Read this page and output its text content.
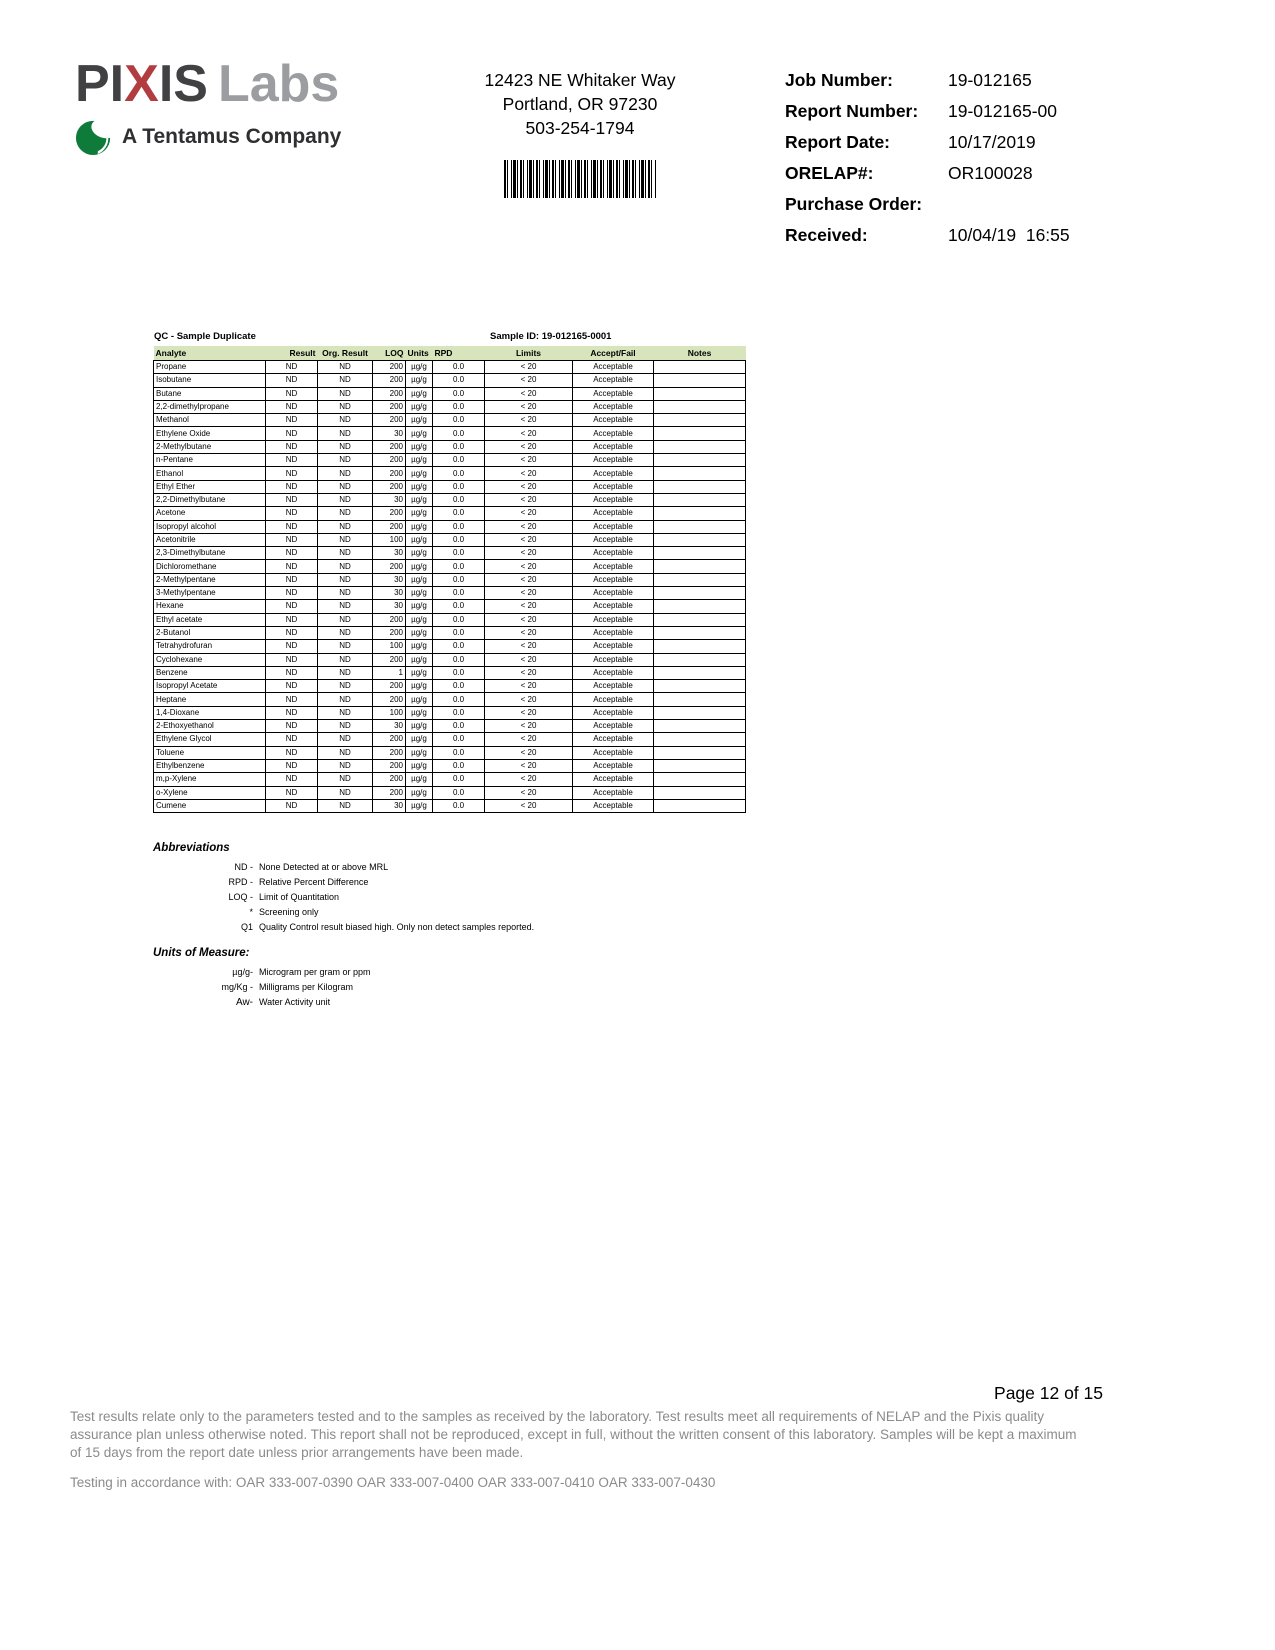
PIXIS Labs
A Tentamus Company
12423 NE Whitaker Way
Portland, OR 97230
503-254-1794
Job Number:	19-012165
Report Number:	19-012165-00
Report Date:	10/17/2019
ORELAP#:	OR100028
Purchase Order:
Received:	10/04/19  16:55
QC - Sample Duplicate	Sample ID: 19-012165-0001
Analyte	Result	Org. Result	LOQ	Units	RPD	Limits	Accept/Fail	Notes
Propane	ND	ND	200	µg/g	0.0	< 20	Acceptable	
Isobutane	ND	ND	200	µg/g	0.0	< 20	Acceptable	
Butane	ND	ND	200	µg/g	0.0	< 20	Acceptable	
2,2-dimethylpropane	ND	ND	200	µg/g	0.0	< 20	Acceptable	
Methanol	ND	ND	200	µg/g	0.0	< 20	Acceptable	
Ethylene Oxide	ND	ND	30	µg/g	0.0	< 20	Acceptable	
2-Methylbutane	ND	ND	200	µg/g	0.0	< 20	Acceptable	
n-Pentane	ND	ND	200	µg/g	0.0	< 20	Acceptable	
Ethanol	ND	ND	200	µg/g	0.0	< 20	Acceptable	
Ethyl Ether	ND	ND	200	µg/g	0.0	< 20	Acceptable	
2,2-Dimethylbutane	ND	ND	30	µg/g	0.0	< 20	Acceptable	
Acetone	ND	ND	200	µg/g	0.0	< 20	Acceptable	
Isopropyl alcohol	ND	ND	200	µg/g	0.0	< 20	Acceptable	
Acetonitrile	ND	ND	100	µg/g	0.0	< 20	Acceptable	
2,3-Dimethylbutane	ND	ND	30	µg/g	0.0	< 20	Acceptable	
Dichloromethane	ND	ND	200	µg/g	0.0	< 20	Acceptable	
2-Methylpentane	ND	ND	30	µg/g	0.0	< 20	Acceptable	
3-Methylpentane	ND	ND	30	µg/g	0.0	< 20	Acceptable	
Hexane	ND	ND	30	µg/g	0.0	< 20	Acceptable	
Ethyl acetate	ND	ND	200	µg/g	0.0	< 20	Acceptable	
2-Butanol	ND	ND	200	µg/g	0.0	< 20	Acceptable	
Tetrahydrofuran	ND	ND	100	µg/g	0.0	< 20	Acceptable	
Cyclohexane	ND	ND	200	µg/g	0.0	< 20	Acceptable	
Benzene	ND	ND	1	µg/g	0.0	< 20	Acceptable	
Isopropyl Acetate	ND	ND	200	µg/g	0.0	< 20	Acceptable	
Heptane	ND	ND	200	µg/g	0.0	< 20	Acceptable	
1,4-Dioxane	ND	ND	100	µg/g	0.0	< 20	Acceptable	
2-Ethoxyethanol	ND	ND	30	µg/g	0.0	< 20	Acceptable	
Ethylene Glycol	ND	ND	200	µg/g	0.0	< 20	Acceptable	
Toluene	ND	ND	200	µg/g	0.0	< 20	Acceptable	
Ethylbenzene	ND	ND	200	µg/g	0.0	< 20	Acceptable	
m,p-Xylene	ND	ND	200	µg/g	0.0	< 20	Acceptable	
o-Xylene	ND	ND	200	µg/g	0.0	< 20	Acceptable	
Cumene	ND	ND	30	µg/g	0.0	< 20	Acceptable	
Abbreviations
ND - None Detected at or above MRL
RPD - Relative Percent Difference
LOQ - Limit of Quantitation
* Screening only
Q1 Quality Control result biased high. Only non detect samples reported.
Units of Measure:
µg/g- Microgram per gram or ppm
mg/Kg - Milligrams per Kilogram
Aw- Water Activity unit
Page 12 of 15

Test results relate only to the parameters tested and to the samples as received by the laboratory. Test results meet all requirements of NELAP and the Pixis quality assurance plan unless otherwise noted. This report shall not be reproduced, except in full, without the written consent of this laboratory. Samples will be kept a maximum of 15 days from the report date unless prior arrangements have been made.

Testing in accordance with: OAR 333-007-0390 OAR 333-007-0400 OAR 333-007-0410 OAR 333-007-0430
